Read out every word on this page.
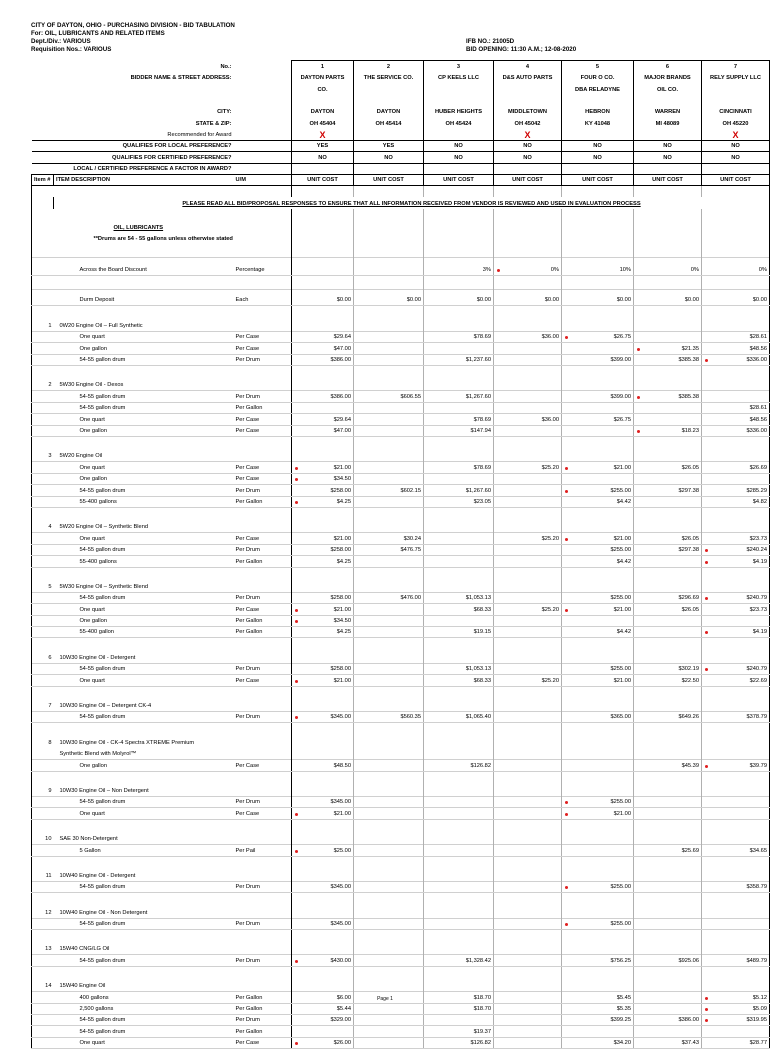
CITY OF DAYTON, OHIO - PURCHASING DIVISION - BID TABULATION
For: OIL, LUBRICANTS AND RELATED ITEMS
Dept./Div.: VARIOUS
Requisition Nos.: VARIOUS
IFB NO.: 21005D
BID OPENING: 11:30 A.M.; 12-08-2020
No.:			1	2	3	4	5	6	7
BIDDER NAME & STREET ADDRESS:			DAYTON PARTS	THE SERVICE CO.	CP KEELS LLC	D&S AUTO PARTS	FOUR O CO.	MAJOR BRANDS	RELY SUPPLY LLC
			CO.				DBA RELADYNE	OIL CO.	

CITY:			DAYTON	DAYTON	HUBER HEIGHTS	MIDDLETOWN	HEBRON	WARREN	CINCINNATI
STATE & ZIP:			OH 45404	OH 45414	OH 45424	OH 45042	KY 41048	MI 48089	OH 45220
Recommended for Award			X			X			X
QUALIFIES FOR LOCAL PREFERENCE?			YES	YES	NO	NO	NO	NO	NO
QUALIFIES FOR CERTIFIED PREFERENCE?			NO	NO	NO	NO	NO	NO	NO
LOCAL / CERTIFIED PREFERENCE A FACTOR IN AWARD?									
Item #	ITEM DESCRIPTION	U/M	UNIT COST	UNIT COST	UNIT COST	UNIT COST	UNIT COST	UNIT COST	UNIT COST

	PLEASE READ ALL BID/PROPOSAL RESPONSES TO ENSURE THAT ALL INFORMATION RECEIVED FROM VENDOR IS REVIEWED AND USED IN EVALUATION PROCESS								

	OIL, LUBRICANTS								
	**Drums are 54 - 55 gallons unless otherwise stated								

	Across the Board Discount	Percentage			3%	0%	10%	0%	0%

	Durm Deposit	Each	$0.00	$0.00	$0.00	$0.00	$0.00	$0.00	$0.00

1	0W20 Engine Oil – Full Synthetic								
	One quart	Per Case	$29.64		$78.69	$36.00	$26.75		$28.61
	One gallon	Per Case	$47.00					$21.35	$48.56
	54-55 gallon drum	Per Drum	$386.00		$1,237.60		$399.00	$385.38	$336.00

2	5W30 Engine Oil - Dexos								
	54-55 gallon drum	Per Drum	$386.00	$606.55	$1,267.60		$399.00	$385.38	
	54-55 gallon drum	Per Gallon							$28.61
	One quart	Per Case	$29.64		$78.69	$36.00	$26.75		$48.56
	One gallon	Per Case	$47.00		$147.94			$18.23	$336.00

3	5W20 Engine Oil								
	One quart	Per Case	$21.00		$78.69	$25.20	$21.00	$26.05	$26.69
	One gallon	Per Case	$34.50						
	54-55 gallon drum	Per Drum	$258.00	$602.15	$1,267.60		$255.00	$297.38	$285.29
	55-400 gallons	Per Gallon	$4.25		$23.05		$4.42		$4.82

4	5W20 Engine Oil – Synthetic Blend								
	One quart	Per Case	$21.00	$30.24		$25.20	$21.00	$26.05	$23.73
	54-55 gallon drum	Per Drum	$258.00	$476.75			$255.00	$297.38	$240.24
	55-400 gallons	Per Gallon	$4.25				$4.42		$4.19

5	5W30 Engine Oil – Synthetic Blend								
	54-55 gallon drum	Per Drum	$258.00	$476.00	$1,053.13		$255.00	$296.69	$240.79
	One quart	Per Case	$21.00		$68.33	$25.20	$21.00	$26.05	$23.73
	One gallon	Per Gallon	$34.50						
	55-400 gallon	Per Gallon	$4.25		$19.15		$4.42		$4.19

6	10W30 Engine Oil - Detergent								
	54-55 gallon drum	Per Drum	$258.00		$1,053.13		$255.00	$302.19	$240.79
	One quart	Per Case	$21.00		$68.33	$25.20	$21.00	$22.50	$22.69

7	10W30 Engine Oil – Detergent CK-4								
	54-55 gallon drum	Per Drum	$345.00	$560.35	$1,065.40		$365.00	$649.26	$378.79

8	10W30 Engine Oil - CK-4 Spectra XTREME Premium								
	Synthetic Blend with Molyrol™								
	One gallon	Per Case	$48.50		$126.82			$45.39	$39.79

9	10W30 Engine Oil – Non Detergent								
	54-55 gallon drum	Per Drum	$345.00				$255.00		
	One quart	Per Case	$21.00				$21.00		

10	SAE 30 Non-Detergent								
	5 Gallon	Per Pail	$25.00					$25.69	$34.65

11	10W40 Engine Oil - Detergent								
	54-55 gallon drum	Per Drum	$345.00				$255.00		$358.79

12	10W40 Engine Oil - Non Detergent								
	54-55 gallon drum	Per Drum	$345.00				$255.00		

13	15W40 CNG/LG Oil								
	54-55 gallon drum	Per Drum	$430.00		$1,328.42		$756.25	$925.06	$489.79

14	15W40 Engine Oil								
	400 gallons	Per Gallon	$6.00		$18.70		$5.45		$5.12
	2,500 gallons	Per Gallon	$5.44		$18.70		$5.35		$5.09
	54-55 gallon drum	Per Drum	$329.00				$399.25	$386.00	$319.95
	54-55 gallon drum	Per Gallon			$19.37				
	One quart	Per Case	$26.00		$126.82		$34.20	$37.43	$28.77
Page 1
